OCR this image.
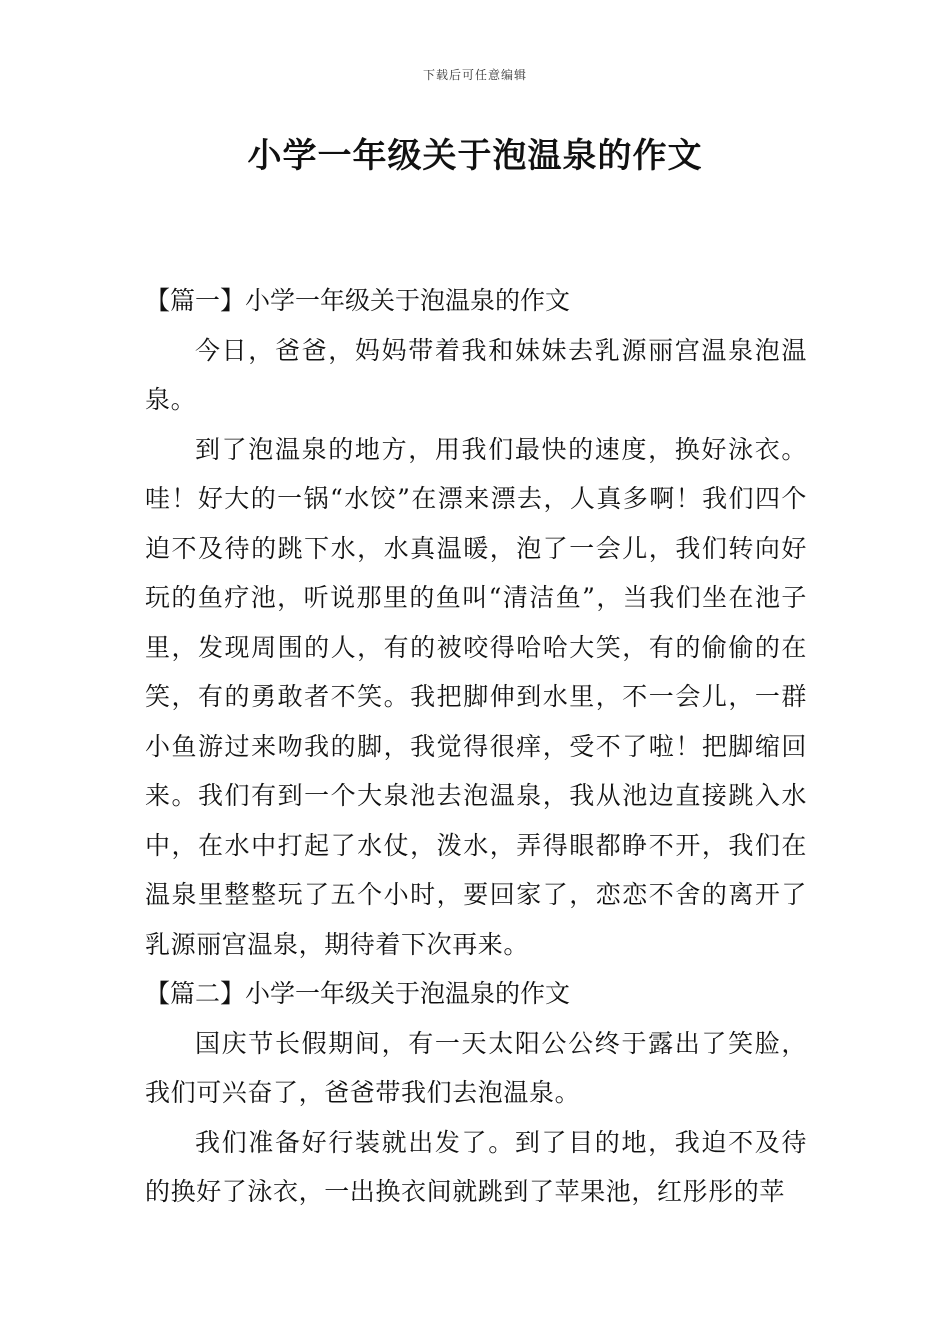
下载后可任意编辑
小学一年级关于泡温泉的作文
【篇一】小学一年级关于泡温泉的作文

今日，爸爸，妈妈带着我和妹妹去乳源丽宫温泉泡温泉。

到了泡温泉的地方，用我们最快的速度，换好泳衣。哇！好大的一锅“水饺”在漂来漂去，人真多啊！我们四个迫不及待的跳下水，水真温暖，泡了一会儿，我们转向好玩的鱼疗池，听说那里的鱼叫“清洁鱼”，当我们坐在池子里，发现周围的人，有的被咬得哈哈大笑，有的偷偷的在笑，有的勇敢者不笑。我把脚伸到水里，不一会儿，一群小鱼游过来吻我的脚，我觉得很痒，受不了啦！把脚缩回来。我们有到一个大泉池去泡温泉，我从池边直接跳入水中，在水中打起了水仗，泼水，弄得眼都睁不开，我们在温泉里整整玩了五个小时，要回家了，恋恋不舍的离开了乳源丽宫温泉，期待着下次再来。

【篇二】小学一年级关于泡温泉的作文

国庆节长假期间，有一天太阳公公终于露出了笑脸，我们可兴奋了，爸爸带我们去泡温泉。

我们准备好行装就出发了。到了目的地，我迫不及待的换好了泳衣，一出换衣间就跳到了苹果池，红彤彤的苹
